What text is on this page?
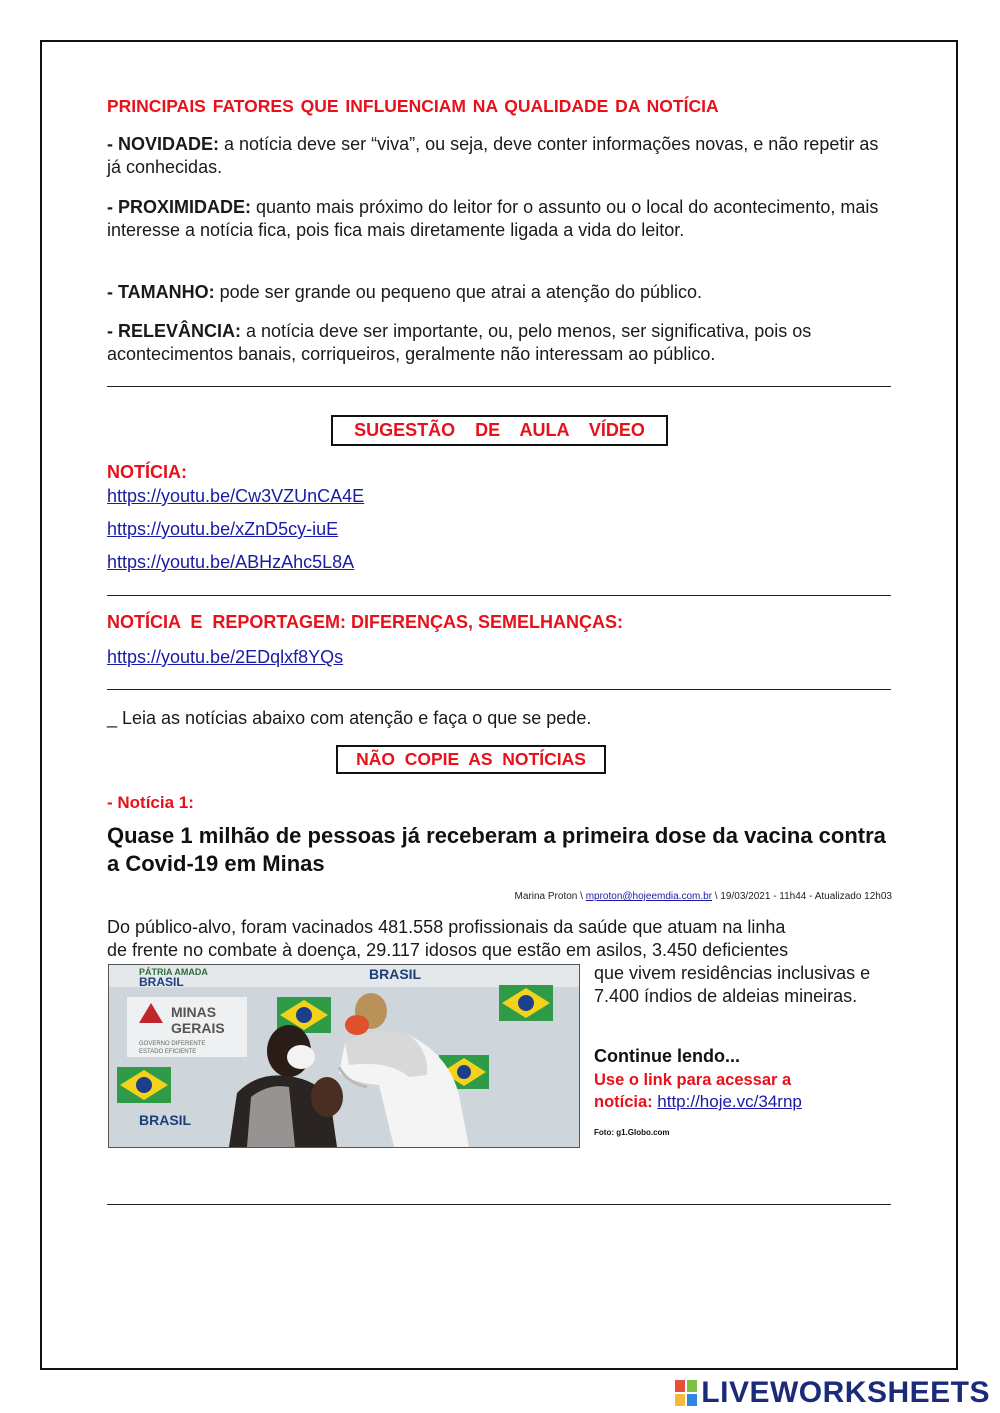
PRINCIPAIS FATORES QUE INFLUENCIAM NA QUALIDADE DA NOTÍCIA
- NOVIDADE: a notícia deve ser “viva”, ou seja, deve conter informações novas, e não repetir as já conhecidas.
- PROXIMIDADE: quanto mais próximo do leitor for o assunto ou o local do acontecimento, mais interesse a notícia fica, pois fica mais diretamente ligada a vida do leitor.
- TAMANHO: pode ser grande ou pequeno que atrai a atenção do público.
- RELEVÂNCIA: a notícia deve ser importante, ou, pelo menos, ser significativa, pois os acontecimentos banais, corriqueiros, geralmente não interessam ao público.
SUGESTÃO    DE    AULA    VÍDEO
NOTÍCIA:
https://youtu.be/Cw3VZUnCA4E
https://youtu.be/xZnD5cy-iuE
https://youtu.be/ABHzAhc5L8A
NOTÍCIA  E  REPORTAGEM: DIFERENÇAS, SEMELHANÇAS:
https://youtu.be/2EDqlxf8YQs
_ Leia as notícias abaixo com atenção e faça o que se pede.
NÃO  COPIE  AS  NOTÍCIAS
- Notícia 1:
Quase 1 milhão de pessoas já receberam a primeira dose da vacina contra a Covid-19 em Minas
Marina Proton \ mproton@hojeemdia.com.br \ 19/03/2021 - 11h44 - Atualizado 12h03
Do público-alvo, foram vacinados 481.558 profissionais da saúde que atuam na linha
de frente no combate à doença, 29.117 idosos que estão em asilos, 3.450 deficientes
PÁTRIA AMADA
BRASIL	BRASIL
MINAS
GERAIS
GOVERNO DIFERENTE
ESTADO EFICIENTE
BRASIL
que vivem residências inclusivas e 7.400 índios de aldeias mineiras.
Continue lendo...
Use o link para acessar a notícia: http://hoje.vc/34rnp
Foto: g1.Globo.com
LIVEWORKSHEETS
